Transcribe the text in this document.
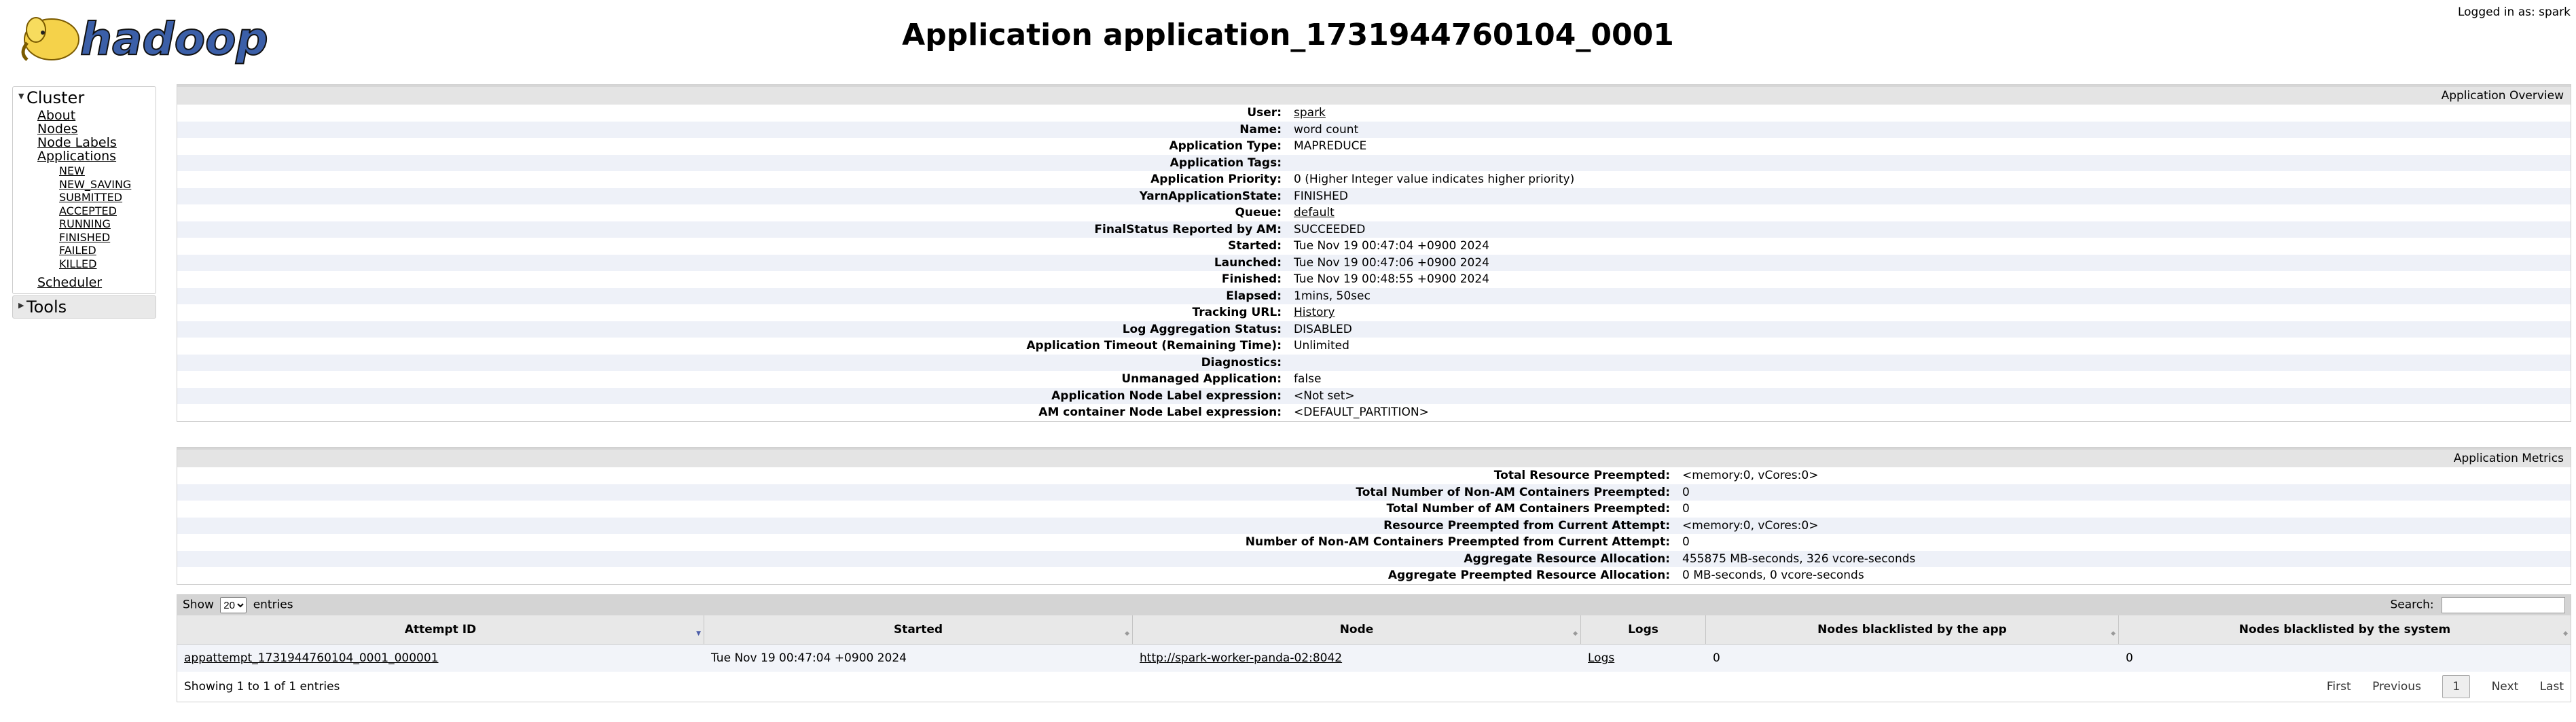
hadoop	Application application_1731944760104_0001
Logged in as: spark
▼ Cluster
About
Nodes
Node Labels
Applications
NEW
NEW_SAVING
SUBMITTED
ACCEPTED
RUNNING
FINISHED
FAILED
KILLED
Scheduler
▶ Tools
Application Overview
User:	spark
Name:	word count
Application Type:	MAPREDUCE
Application Tags:
Application Priority:	0 (Higher Integer value indicates higher priority)
YarnApplicationState:	FINISHED
Queue:	default
FinalStatus Reported by AM:	SUCCEEDED
Started:	Tue Nov 19 00:47:04 +0900 2024
Launched:	Tue Nov 19 00:47:06 +0900 2024
Finished:	Tue Nov 19 00:48:55 +0900 2024
Elapsed:	1mins, 50sec
Tracking URL:	History
Log Aggregation Status:	DISABLED
Application Timeout (Remaining Time):	Unlimited
Diagnostics:
Unmanaged Application:	false
Application Node Label expression:	<Not set>
AM container Node Label expression:	<DEFAULT_PARTITION>
Application Metrics
Total Resource Preempted:	<memory:0, vCores:0>
Total Number of Non-AM Containers Preempted:	0
Total Number of AM Containers Preempted:	0
Resource Preempted from Current Attempt:	<memory:0, vCores:0>
Number of Non-AM Containers Preempted from Current Attempt:	0
Aggregate Resource Allocation:	455875 MB-seconds, 326 vcore-seconds
Aggregate Preempted Resource Allocation:	0 MB-seconds, 0 vcore-seconds
Show
20	entries	Search:
Attempt ID	▼	Started	◆	Node	◆	Logs	Nodes blacklisted by the app	◆	Nodes blacklisted by the system	◆
appattempt_1731944760104_0001_000001	Tue Nov 19 00:47:04 +0900 2024	http://spark-worker-panda-02:8042	Logs	0	0
Showing 1 to 1 of 1 entries	First Previous	1	Next Last
